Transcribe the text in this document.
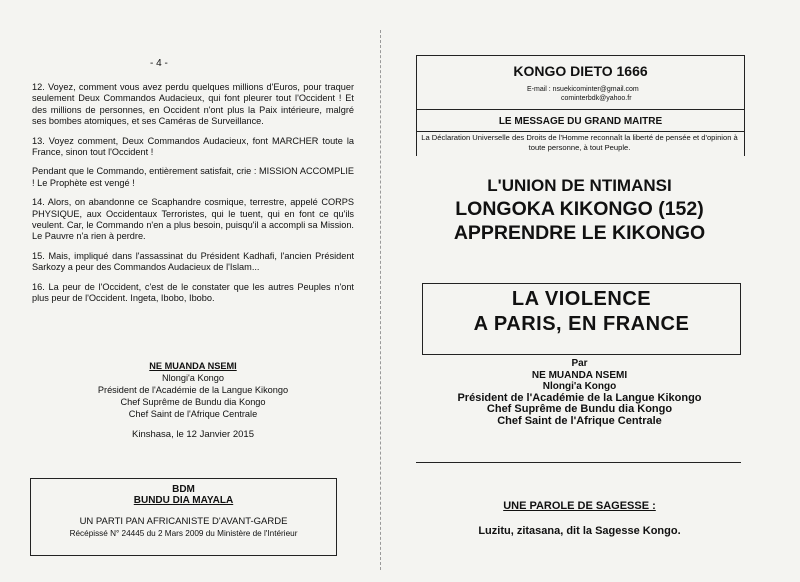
- 4 -

12. Voyez, comment vous avez perdu quelques millions d'Euros, pour traquer seulement Deux Commandos Audacieux, qui font pleurer tout l'Occident ! Et des millions de personnes, en Occident n'ont plus la Paix intérieure, malgré ses bombes atomiques, et ses Caméras de Surveillance.

13. Voyez comment, Deux Commandos Audacieux, font MARCHER toute la France, sinon tout l'Occident !

Pendant que le Commando, entièrement satisfait, crie : MISSION ACCOMPLIE ! Le Prophète est vengé !

14. Alors, on abandonne ce Scaphandre cosmique, terrestre, appelé CORPS PHYSIQUE, aux Occidentaux Terroristes, qui le tuent, qui en font ce qu'ils veulent. Car, le Commando n'en a plus besoin, puisqu'il a accompli sa Mission. Le Pauvre n'a rien à perdre.

15. Mais, impliqué dans l'assassinat du Président Kadhafi, l'ancien Président Sarkozy a peur des Commandos Audacieux de l'Islam...

16. La peur de l'Occident, c'est de le constater que les autres Peuples n'ont plus peur de l'Occident. Ingeta, Ibobo, Ibobo.

NE MUANDA NSEMI
Nlongi'a Kongo
Président de l'Académie de la Langue Kikongo
Chef Suprême de Bundu dia Kongo
Chef Saint de l'Afrique Centrale
Kinshasa, le 12 Janvier 2015
BDM
BUNDU DIA MAYALA
UN PARTI PAN AFRICANISTE D'AVANT-GARDE
Récépissé N° 24445 du 2 Mars 2009 du Ministère de l'Intérieur
KONGO DIETO 1666
E-mail : nsuekicominter@gmail.com
cominterbdk@yahoo.fr
LE MESSAGE DU GRAND MAITRE
La Déclaration Universelle des Droits de l'Homme reconnaît la liberté de pensée et d'opinion à toute personne, à tout Peuple.
L'UNION DE NTIMANSI
LONGOKA KIKONGO (152)
APPRENDRE LE KIKONGO
LA VIOLENCE
A PARIS, EN FRANCE
Par
NE MUANDA NSEMI
Nlongi'a Kongo
Président de l'Académie de la Langue Kikongo
Chef Suprême de Bundu dia Kongo
Chef Saint de l'Afrique Centrale
UNE PAROLE DE SAGESSE :
Luzitu, zitasana, dit la Sagesse Kongo.
